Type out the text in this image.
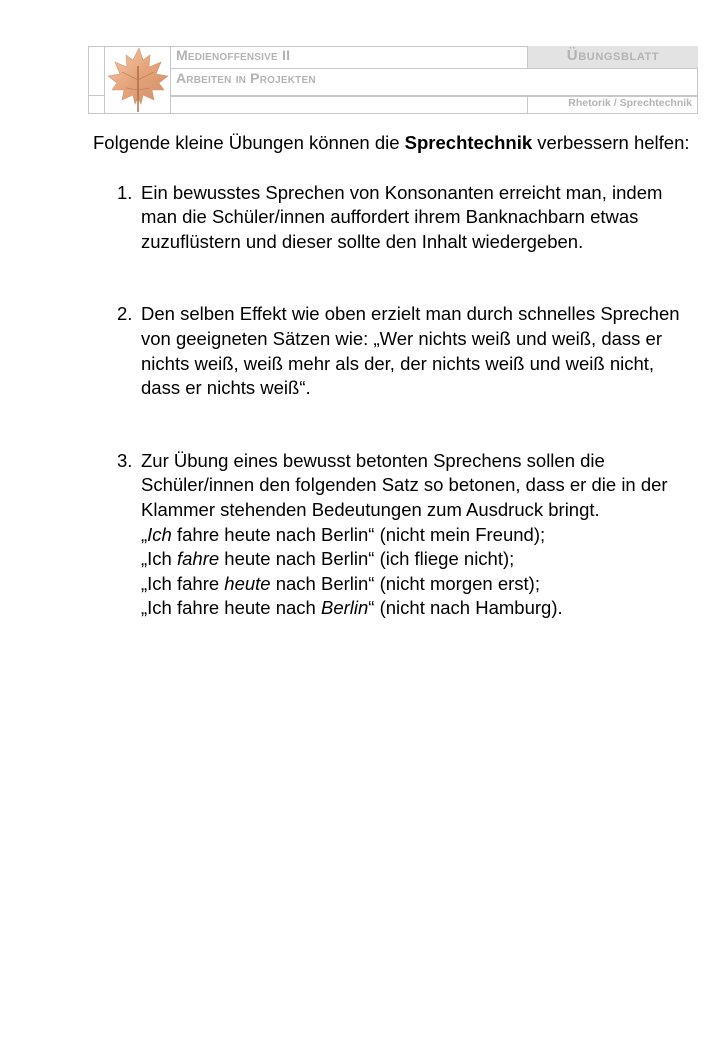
Medienoffensive II
Arbeiten in Projekten
Übungsblatt
Rhetorik / Sprechtechnik

Folgende kleine Übungen können die Sprechtechnik verbessern helfen:

1. Ein bewusstes Sprechen von Konsonanten erreicht man, indem man die Schüler/innen auffordert ihrem Banknachbarn etwas zuzuflüstern und dieser sollte den Inhalt wiedergeben.

2. Den selben Effekt wie oben erzielt man durch schnelles Sprechen von geeigneten Sätzen wie: „Wer nichts weiß und weiß, dass er nichts weiß, weiß mehr als der, der nichts weiß und weiß nicht, dass er nichts weiß“.

3. Zur Übung eines bewusst betonten Sprechens sollen die Schüler/innen den folgenden Satz so betonen, dass er die in der Klammer stehenden Bedeutungen zum Ausdruck bringt.

„Ich fahre heute nach Berlin“ (nicht mein Freund);

„Ich fahre heute nach Berlin“ (ich fliege nicht);

„Ich fahre heute nach Berlin“ (nicht morgen erst);

„Ich fahre heute nach Berlin“ (nicht nach Hamburg).
